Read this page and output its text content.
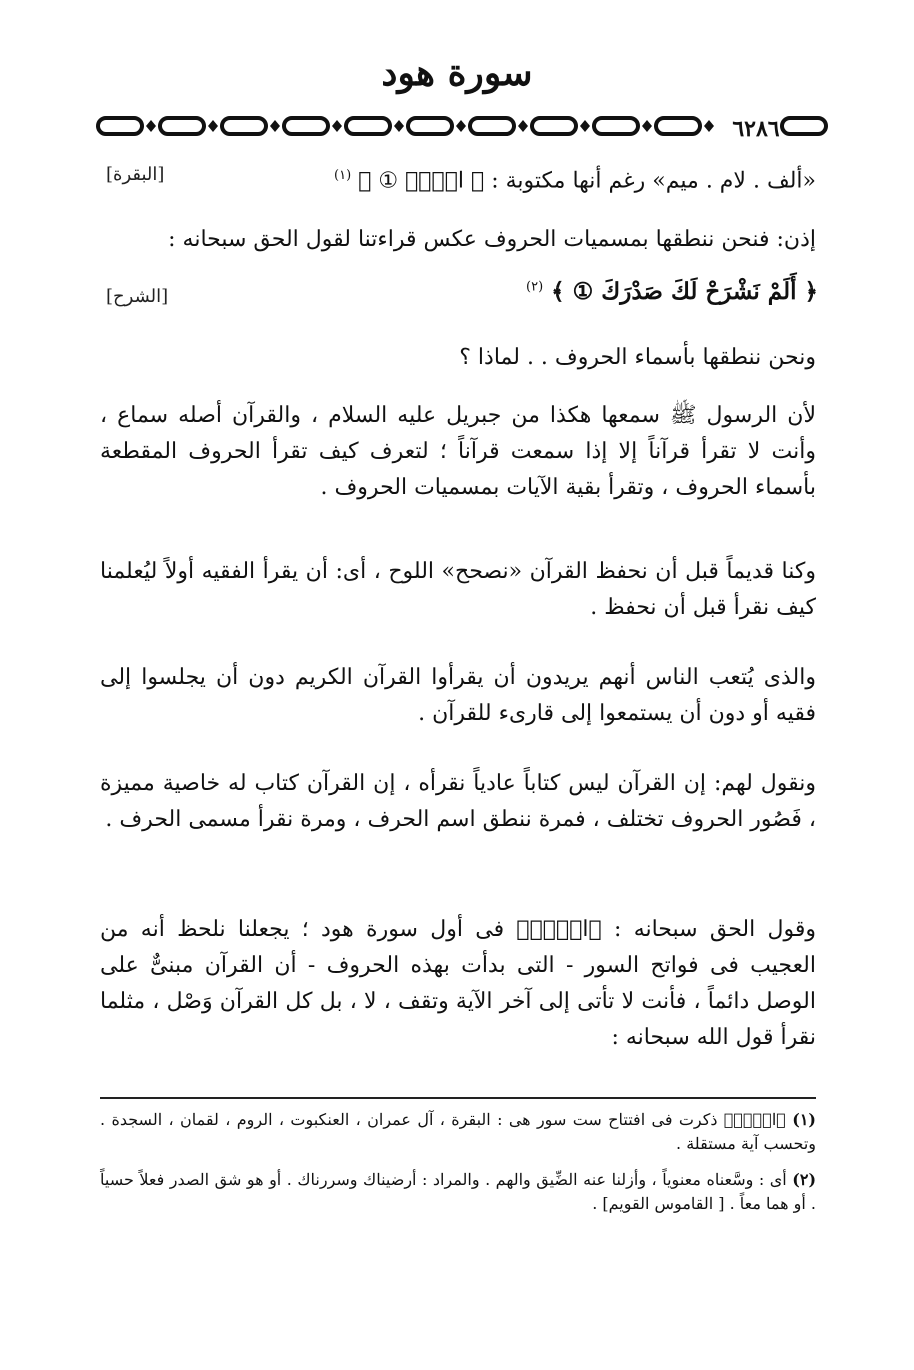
سورة هود
٦٢٨٦
«ألف . لام . ميم» رغم أنها مكتوبة : ﴿ الۤمۤ ① ﴾ $^{(١)}$
[البقرة]
إذن: فنحن ننطقها بمسميات الحروف عكس قراءتنا لقول الحق سبحانه :
﴿ أَلَمْ نَشْرَحْ لَكَ صَدْرَكَ ① ﴾ $^{(٢)}$
[الشرح]
ونحن ننطقها بأسماء الحروف . . لماذا ؟
لأن الرسول ﷺ سمعها هكذا من جبريل عليه السلام ، والقرآن أصله سماع ، وأنت لا تقرأ قرآناً إلا إذا سمعت قرآناً ؛ لتعرف كيف تقرأ الحروف المقطعة بأسماء الحروف ، وتقرأ بقية الآيات بمسميات الحروف .
وكنا قديماً قبل أن نحفظ القرآن «نصحح» اللوح ، أى: أن يقرأ الفقيه أولاً ليُعلمنا كيف نقرأ قبل أن نحفظ .
والذى يُتعب الناس أنهم يريدون أن يقرأوا القرآن الكريم دون أن يجلسوا إلى فقيه أو دون أن يستمعوا إلى قارىء للقرآن .
ونقول لهم: إن القرآن ليس كتاباً عادياً نقرأه ، إن القرآن كتاب له خاصية مميزة ، فَصُور الحروف تختلف ، فمرة ننطق اسم الحرف ، ومرة نقرأ مسمى الحرف .
وقول الحق سبحانه : ﴿الۤمۤ﴾ فى أول سورة هود ؛ يجعلنا نلحظ أنه من العجيب فى فواتح السور - التى بدأت بهذه الحروف - أن القرآن مبنىٌّ على الوصل دائماً ، فأنت لا تأتى إلى آخر الآية وتقف ، لا ، بل كل القرآن وَصْل ، مثلما نقرأ قول الله سبحانه :
(١) ﴿الۤمۤ﴾ ذكرت فى افتتاح ست سور هى : البقرة ، آل عمران ، العنكبوت ، الروم ، لقمان ، السجدة . وتحسب آية مستقلة .
(٢) أى : وسَّعناه معنوياً ، وأزلنا عنه الضِّيق والهم . والمراد : أرضيناك وسررناك . أو هو شق الصدر فعلاً حسياً . أو هما معاً . [ القاموس القويم] .
